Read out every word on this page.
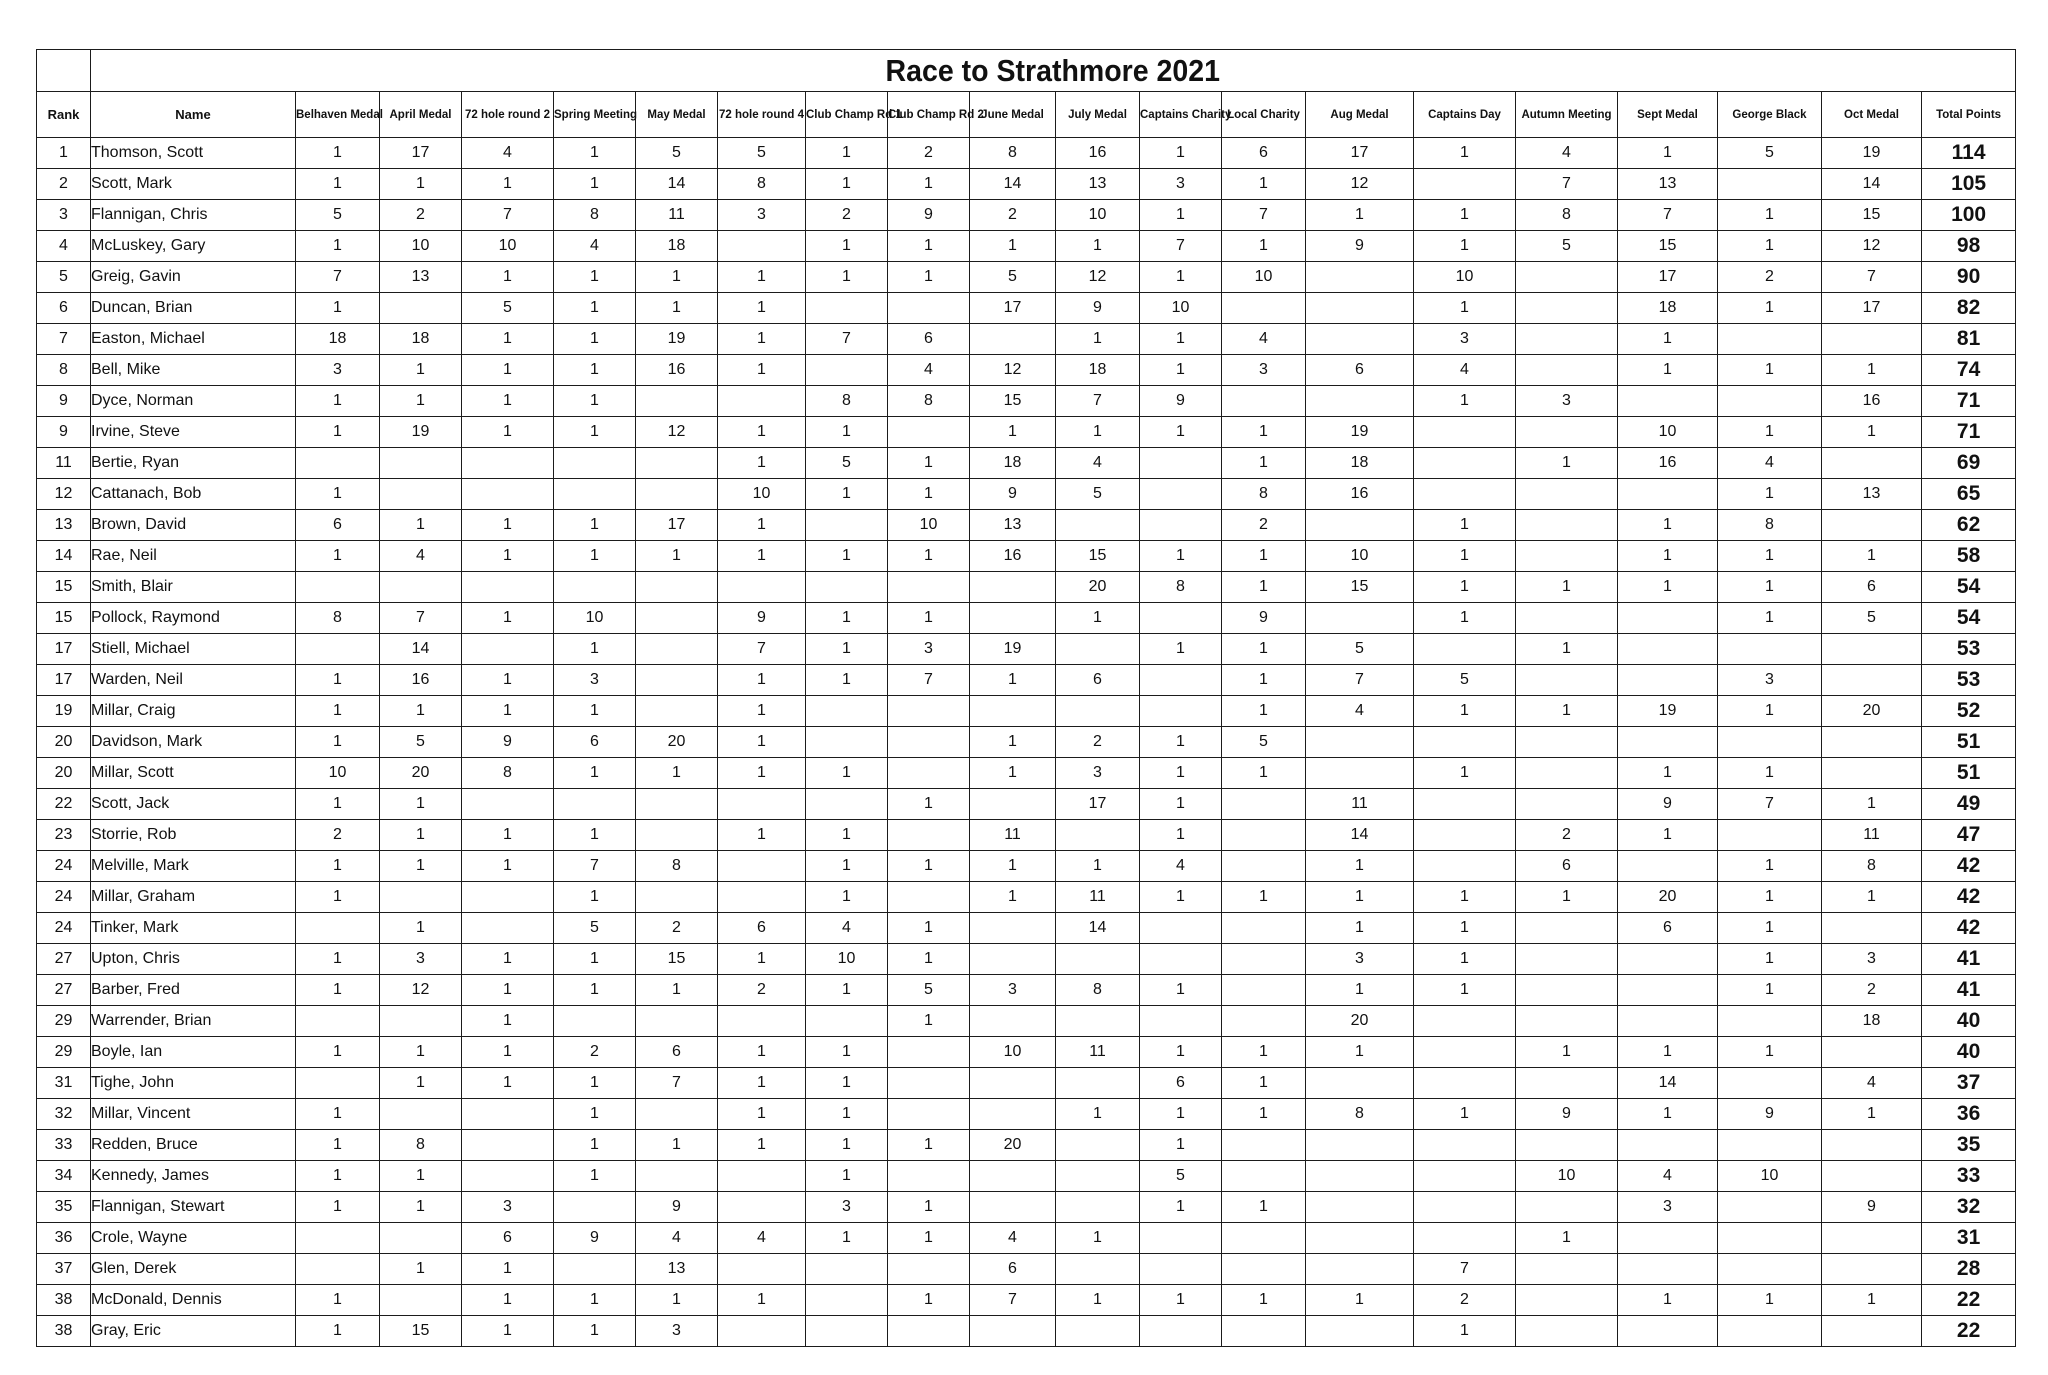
	Race to Strathmore 2021																			
Rank	Name	Belhaven Medal	April Medal	72 hole round 2	Spring Meeting	May Medal	72 hole round 4	Club Champ Rd 1	Club Champ Rd 2	June Medal	July Medal	Captains Charity	Local Charity	Aug Medal	Captains Day	Autumn Meeting	Sept Medal	George Black	Oct Medal	Total Points
1	Thomson, Scott	1	17	4	1	5	5	1	2	8	16	1	6	17	1	4	1	5	19	114
2	Scott, Mark	1	1	1	1	14	8	1	1	14	13	3	1	12		7	13		14	105
3	Flannigan, Chris	5	2	7	8	11	3	2	9	2	10	1	7	1	1	8	7	1	15	100
4	McLuskey, Gary	1	10	10	4	18		1	1	1	1	7	1	9	1	5	15	1	12	98
5	Greig, Gavin	7	13	1	1	1	1	1	1	5	12	1	10		10		17	2	7	90
6	Duncan, Brian	1		5	1	1	1			17	9	10			1		18	1	17	82
7	Easton, Michael	18	18	1	1	19	1	7	6		1	1	4		3		1			81
8	Bell, Mike	3	1	1	1	16	1		4	12	18	1	3	6	4		1	1	1	74
9	Dyce, Norman	1	1	1	1			8	8	15	7	9			1	3			16	71
9	Irvine, Steve	1	19	1	1	12	1	1		1	1	1	1	19			10	1	1	71
11	Bertie, Ryan						1	5	1	18	4		1	18		1	16	4		69
12	Cattanach, Bob	1					10	1	1	9	5		8	16				1	13	65
13	Brown, David	6	1	1	1	17	1		10	13			2		1		1	8		62
14	Rae, Neil	1	4	1	1	1	1	1	1	16	15	1	1	10	1		1	1	1	58
15	Smith, Blair										20	8	1	15	1	1	1	1	6	54
15	Pollock, Raymond	8	7	1	10		9	1	1		1		9		1			1	5	54
17	Stiell, Michael		14		1		7	1	3	19		1	1	5		1				53
17	Warden, Neil	1	16	1	3		1	1	7	1	6		1	7	5			3		53
19	Millar, Craig	1	1	1	1		1						1	4	1	1	19	1	20	52
20	Davidson, Mark	1	5	9	6	20	1			1	2	1	5							51
20	Millar, Scott	10	20	8	1	1	1	1		1	3	1	1		1		1	1		51
22	Scott, Jack	1	1						1		17	1		11			9	7	1	49
23	Storrie, Rob	2	1	1	1		1	1		11		1		14		2	1		11	47
24	Melville, Mark	1	1	1	7	8		1	1	1	1	4		1		6		1	8	42
24	Millar, Graham	1			1			1		1	11	1	1	1	1	1	20	1	1	42
24	Tinker, Mark		1		5	2	6	4	1		14			1	1		6	1		42
27	Upton, Chris	1	3	1	1	15	1	10	1					3	1			1	3	41
27	Barber, Fred	1	12	1	1	1	2	1	5	3	8	1		1	1			1	2	41
29	Warrender, Brian			1					1					20					18	40
29	Boyle, Ian	1	1	1	2	6	1	1		10	11	1	1	1		1	1	1		40
31	Tighe, John		1	1	1	7	1	1				6	1				14		4	37
32	Millar, Vincent	1			1		1	1			1	1	1	8	1	9	1	9	1	36
33	Redden, Bruce	1	8		1	1	1	1	1	20		1								35
34	Kennedy, James	1	1		1			1				5				10	4	10		33
35	Flannigan, Stewart	1	1	3		9		3	1			1	1				3		9	32
36	Crole, Wayne			6	9	4	4	1	1	4	1					1				31
37	Glen, Derek		1	1		13				6					7					28
38	McDonald, Dennis	1		1	1	1	1		1	7	1	1	1	1	2		1	1	1	22
38	Gray, Eric	1	15	1	1	3									1					22
